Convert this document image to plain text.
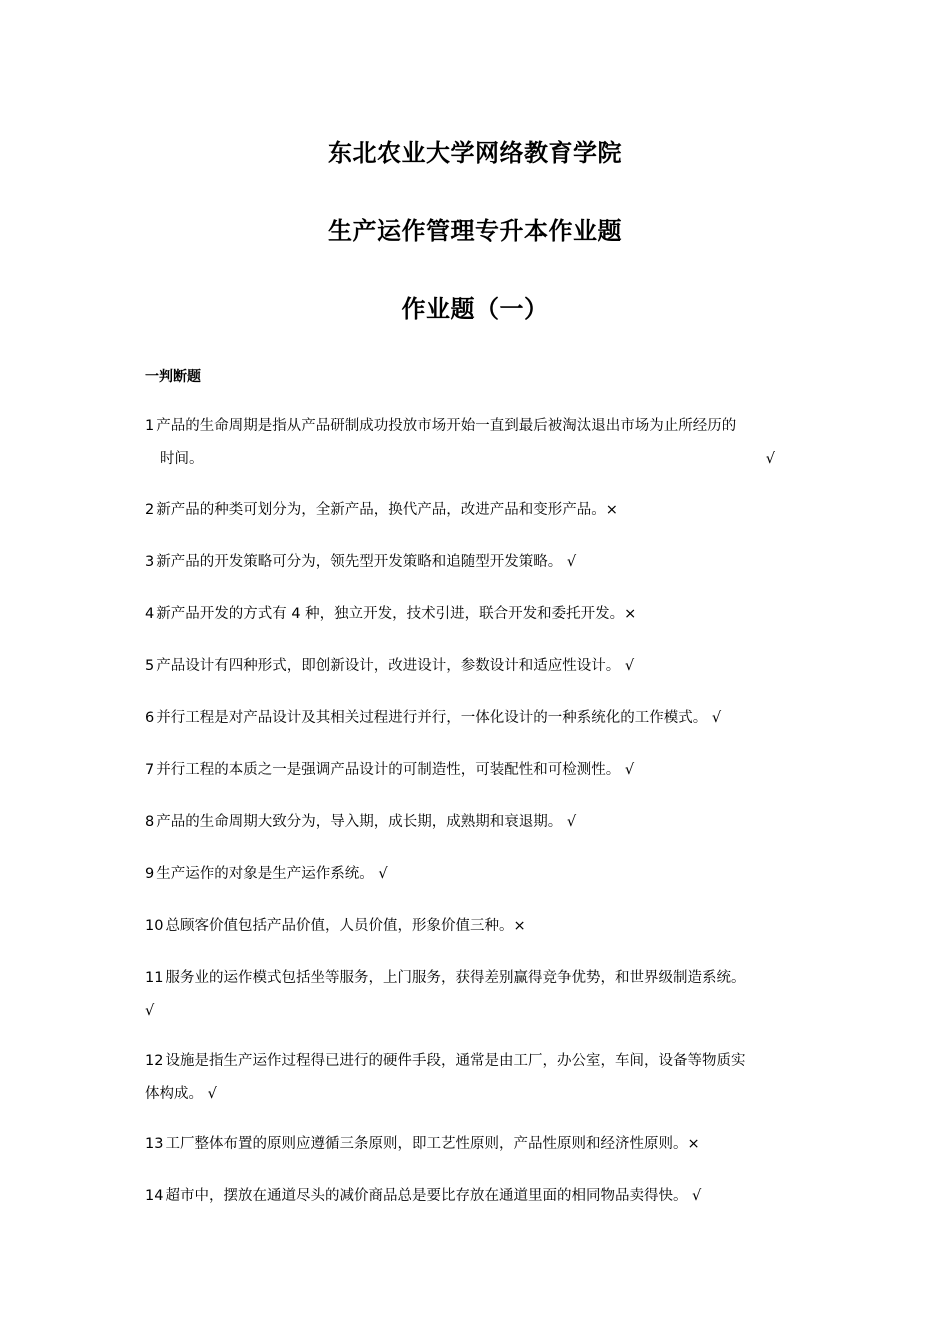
东北农业大学网络教育学院
生产运作管理专升本作业题
作业题（一）
一判断题
1 产品的生命周期是指从产品研制成功投放市场开始一直到最后被淘汰退出市场为止所经历的
时间。	√
2 新产品的种类可划分为，全新产品，换代产品，改进产品和变形产品。×
3 新产品的开发策略可分为，领先型开发策略和追随型开发策略。 √
4 新产品开发的方式有 4 种，独立开发，技术引进，联合开发和委托开发。×
5 产品设计有四种形式，即创新设计，改进设计，参数设计和适应性设计。 √
6 并行工程是对产品设计及其相关过程进行并行，一体化设计的一种系统化的工作模式。 √
7 并行工程的本质之一是强调产品设计的可制造性，可装配性和可检测性。 √
8 产品的生命周期大致分为，导入期，成长期，成熟期和衰退期。 √
9 生产运作的对象是生产运作系统。 √
10 总顾客价值包括产品价值，人员价值，形象价值三种。×
11 服务业的运作模式包括坐等服务，上门服务，获得差别赢得竞争优势，和世界级制造系统。
√
12 设施是指生产运作过程得已进行的硬件手段，通常是由工厂，办公室，车间，设备等物质实
体构成。 √
13 工厂整体布置的原则应遵循三条原则，即工艺性原则，产品性原则和经济性原则。×
14 超市中，摆放在通道尽头的减价商品总是要比存放在通道里面的相同物品卖得快。 √
